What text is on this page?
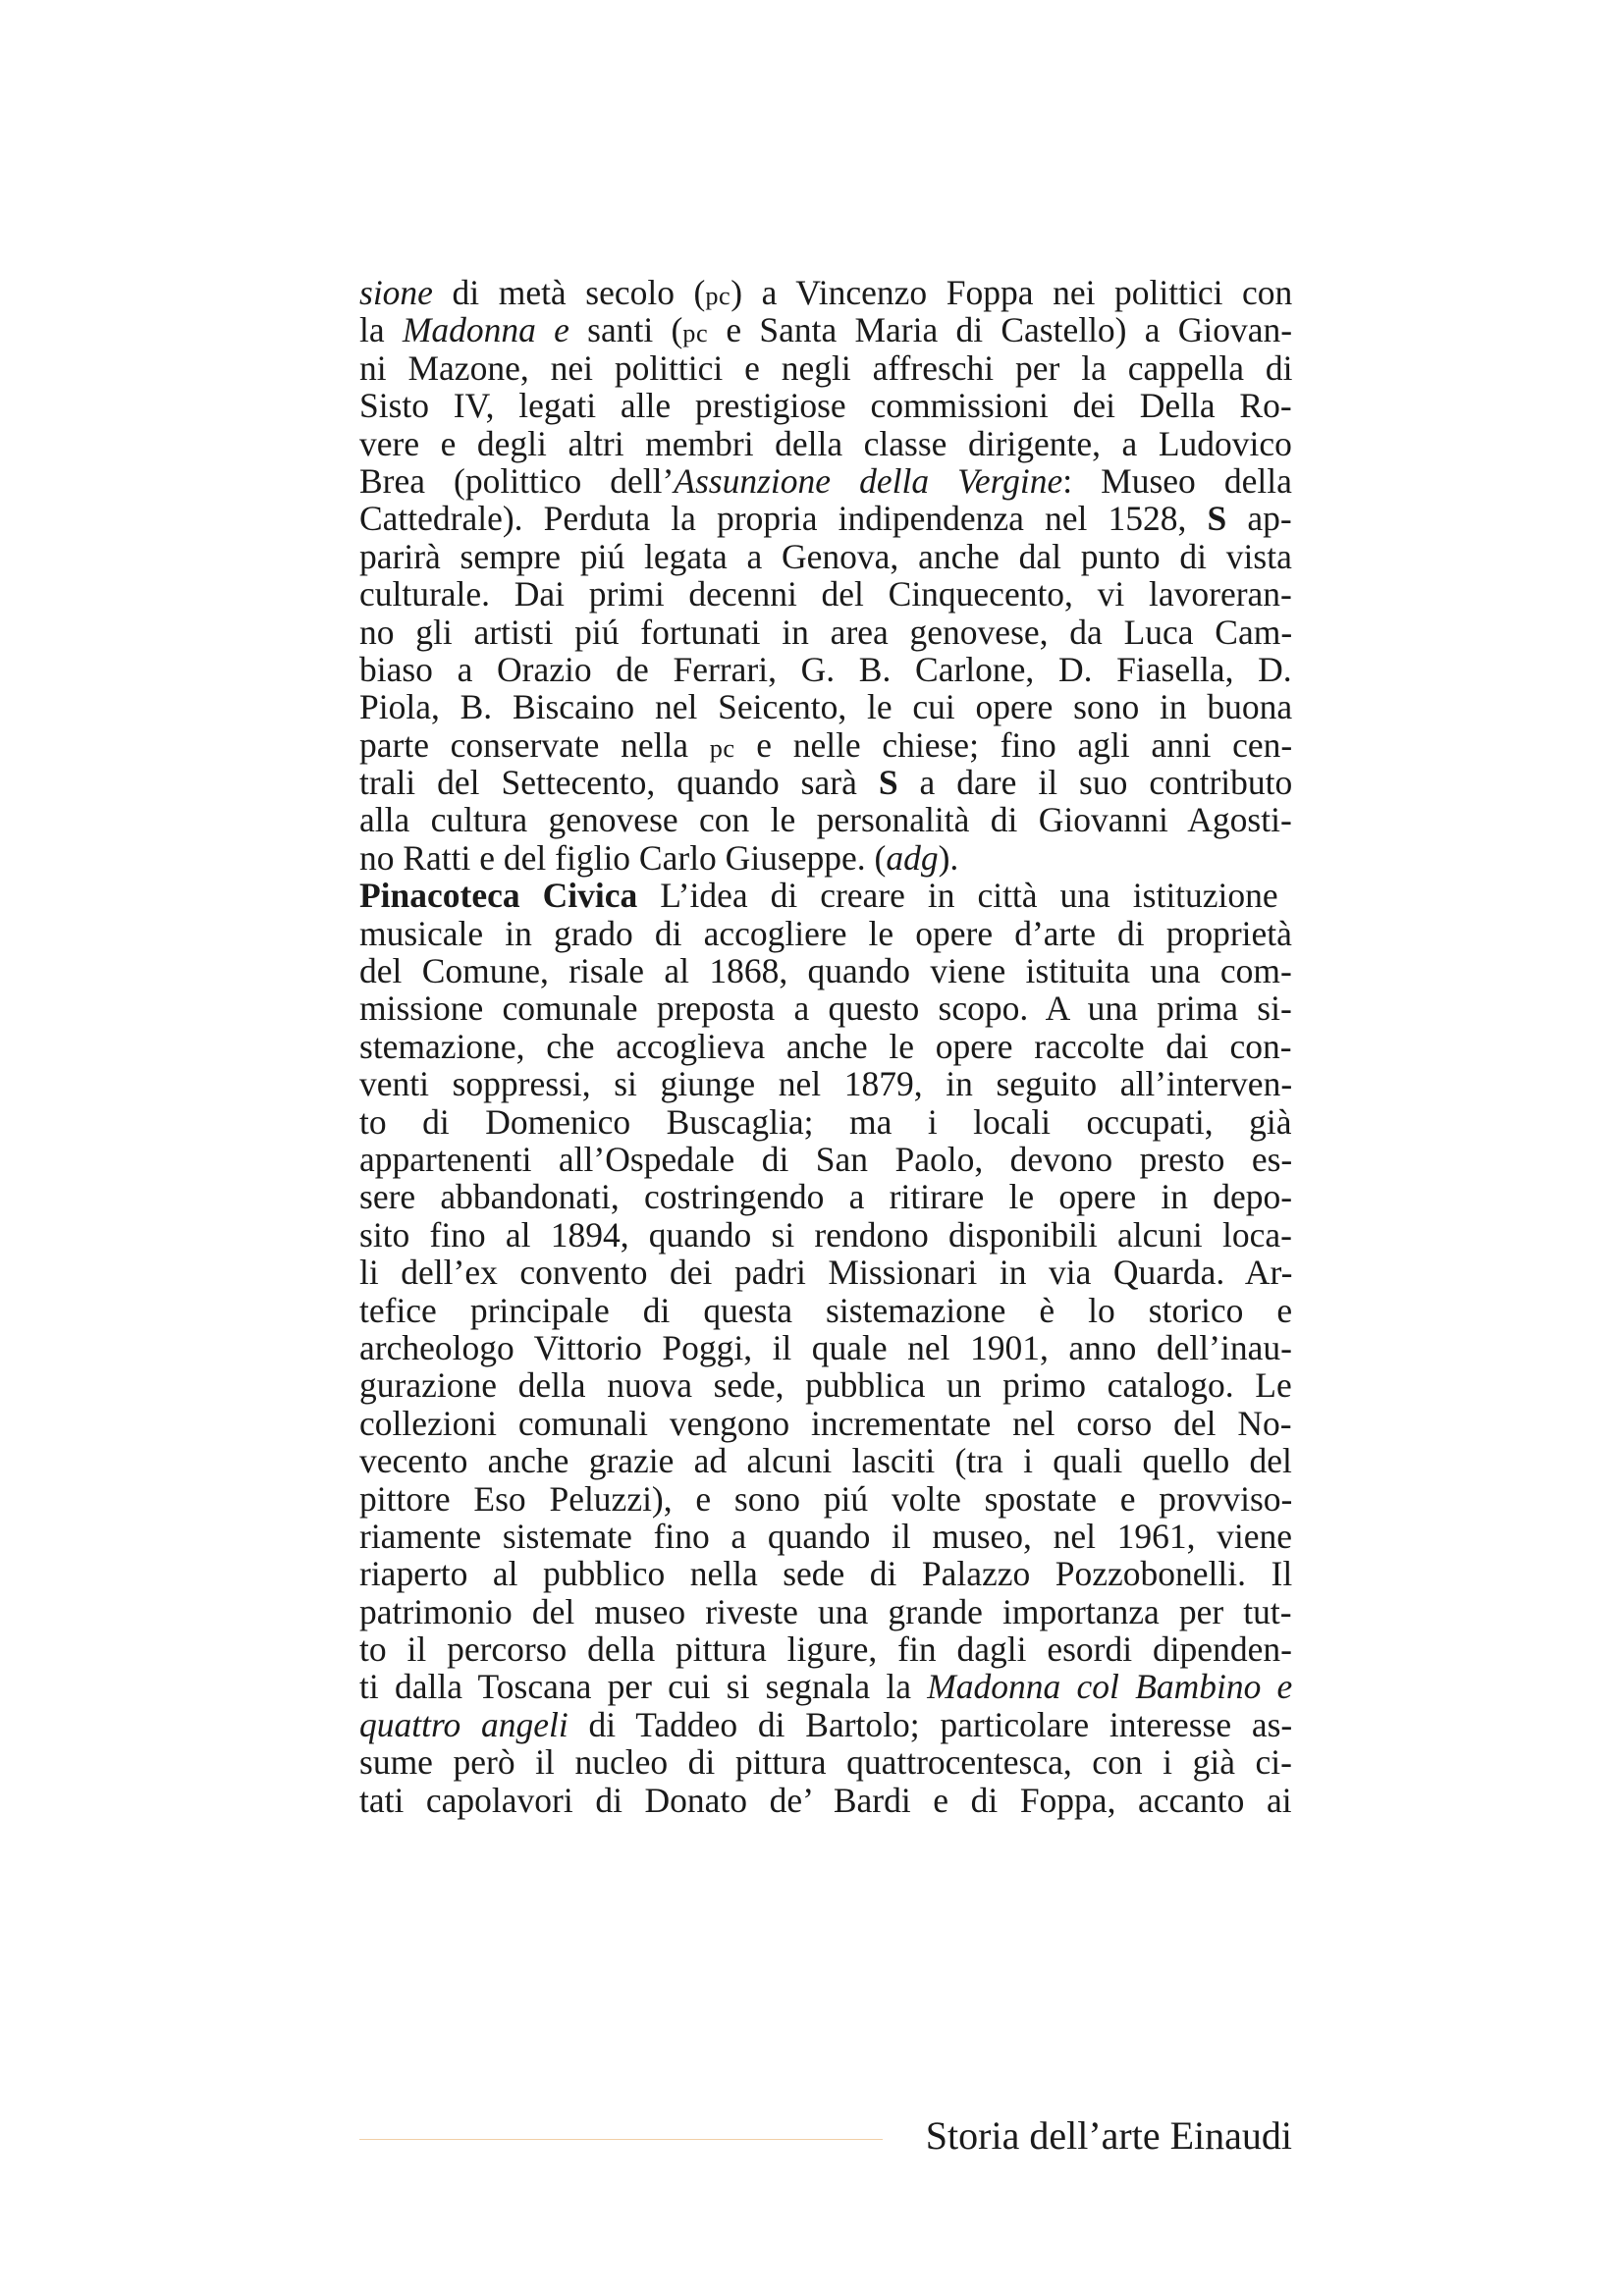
sione di metà secolo (pc) a Vincenzo Foppa nei polittici con
la Madonna e santi (pc e Santa Maria di Castello) a Giovan-
ni Mazone, nei polittici e negli affreschi per la cappella di
Sisto IV, legati alle prestigiose commissioni dei Della Ro-
vere e degli altri membri della classe dirigente, a Ludovico
Brea (polittico dell’Assunzione della Vergine: Museo della
Cattedrale). Perduta la propria indipendenza nel 1528, S ap-
parirà sempre piú legata a Genova, anche dal punto di vista
culturale. Dai primi decenni del Cinquecento, vi lavoreran-
no gli artisti piú fortunati in area genovese, da Luca Cam-
biaso a Orazio de Ferrari, G. B. Carlone, D. Fiasella, D.
Piola, B. Biscaino nel Seicento, le cui opere sono in buona
parte conservate nella pc e nelle chiese; fino agli anni cen-
trali del Settecento, quando sarà S a dare il suo contributo
alla cultura genovese con le personalità di Giovanni Agosti-
no Ratti e del figlio Carlo Giuseppe. (adg).
Pinacoteca Civica L’idea di creare in città una istituzione
musicale in grado di accogliere le opere d’arte di proprietà
del Comune, risale al 1868, quando viene istituita una com-
missione comunale preposta a questo scopo. A una prima si-
stemazione, che accoglieva anche le opere raccolte dai con-
venti soppressi, si giunge nel 1879, in seguito all’interven-
to di Domenico Buscaglia; ma i locali occupati, già
appartenenti all’Ospedale di San Paolo, devono presto es-
sere abbandonati, costringendo a ritirare le opere in depo-
sito fino al 1894, quando si rendono disponibili alcuni loca-
li dell’ex convento dei padri Missionari in via Quarda. Ar-
tefice principale di questa sistemazione è lo storico e
archeologo Vittorio Poggi, il quale nel 1901, anno dell’inau-
gurazione della nuova sede, pubblica un primo catalogo. Le
collezioni comunali vengono incrementate nel corso del No-
vecento anche grazie ad alcuni lasciti (tra i quali quello del
pittore Eso Peluzzi), e sono piú volte spostate e provviso-
riamente sistemate fino a quando il museo, nel 1961, viene
riaperto al pubblico nella sede di Palazzo Pozzobonelli. Il
patrimonio del museo riveste una grande importanza per tut-
to il percorso della pittura ligure, fin dagli esordi dipenden-
ti dalla Toscana per cui si segnala la Madonna col Bambino e
quattro angeli di Taddeo di Bartolo; particolare interesse as-
sume però il nucleo di pittura quattrocentesca, con i già ci-
tati capolavori di Donato de’ Bardi e di Foppa, accanto ai
Storia dell’arte Einaudi
